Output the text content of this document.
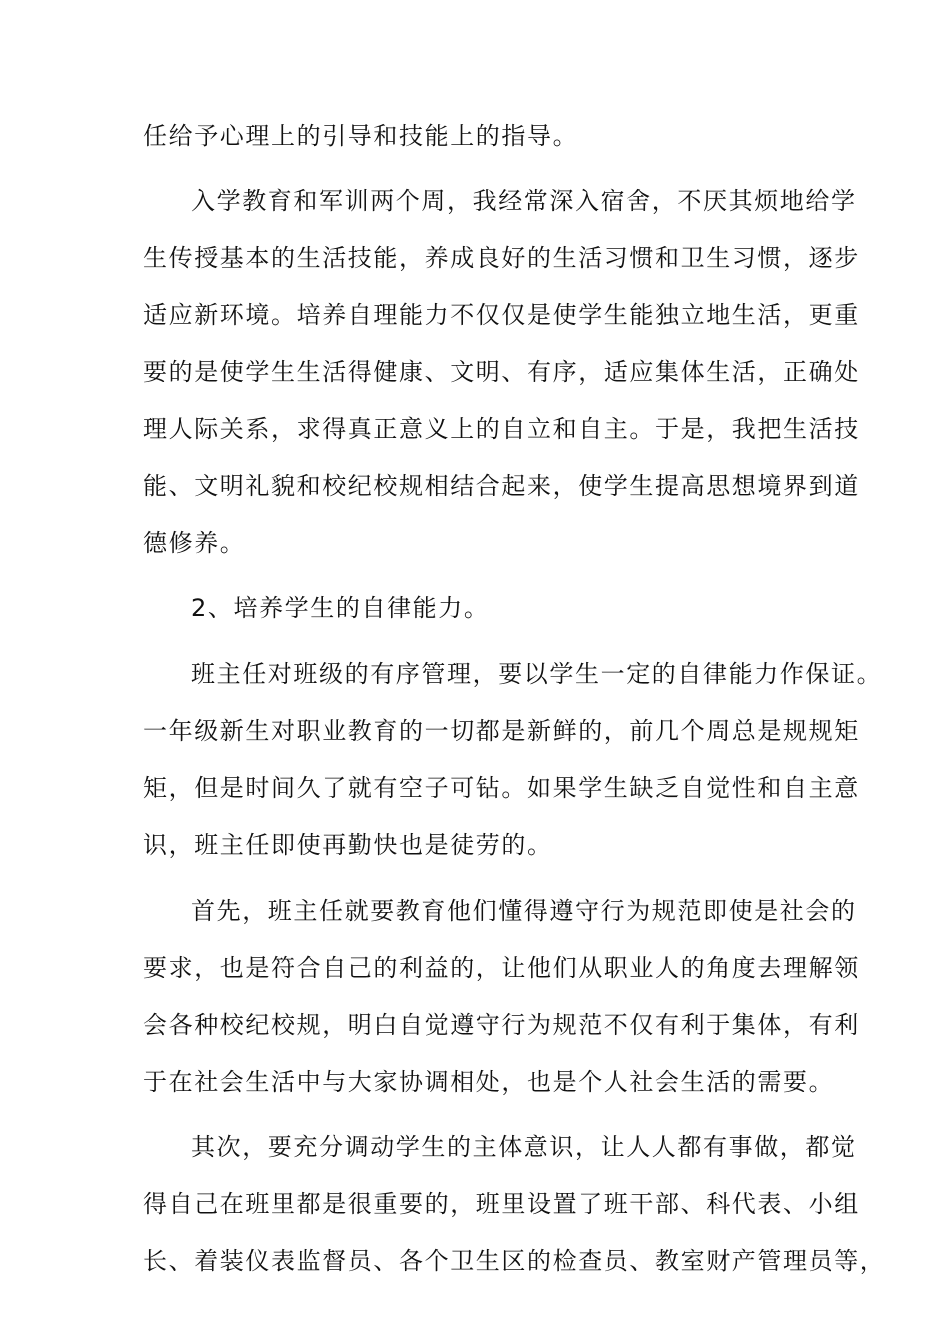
任给予心理上的引导和技能上的指导。

入学教育和军训两个周，我经常深入宿舍，不厌其烦地给学

生传授基本的生活技能，养成良好的生活习惯和卫生习惯，逐步

适应新环境。培养自理能力不仅仅是使学生能独立地生活，更重

要的是使学生生活得健康、文明、有序，适应集体生活，正确处

理人际关系，求得真正意义上的自立和自主。于是，我把生活技

能、文明礼貌和校纪校规相结合起来，使学生提高思想境界到道

德修养。

2、培养学生的自律能力。

班主任对班级的有序管理，要以学生一定的自律能力作保证。

一年级新生对职业教育的一切都是新鲜的，前几个周总是规规矩

矩，但是时间久了就有空子可钻。如果学生缺乏自觉性和自主意

识，班主任即使再勤快也是徒劳的。

首先，班主任就要教育他们懂得遵守行为规范即使是社会的

要求，也是符合自己的利益的，让他们从职业人的角度去理解领

会各种校纪校规，明白自觉遵守行为规范不仅有利于集体，有利

于在社会生活中与大家协调相处，也是个人社会生活的需要。

其次，要充分调动学生的主体意识，让人人都有事做，都觉

得自己在班里都是很重要的，班里设置了班干部、科代表、小组

长、着装仪表监督员、各个卫生区的检查员、教室财产管理员等，
